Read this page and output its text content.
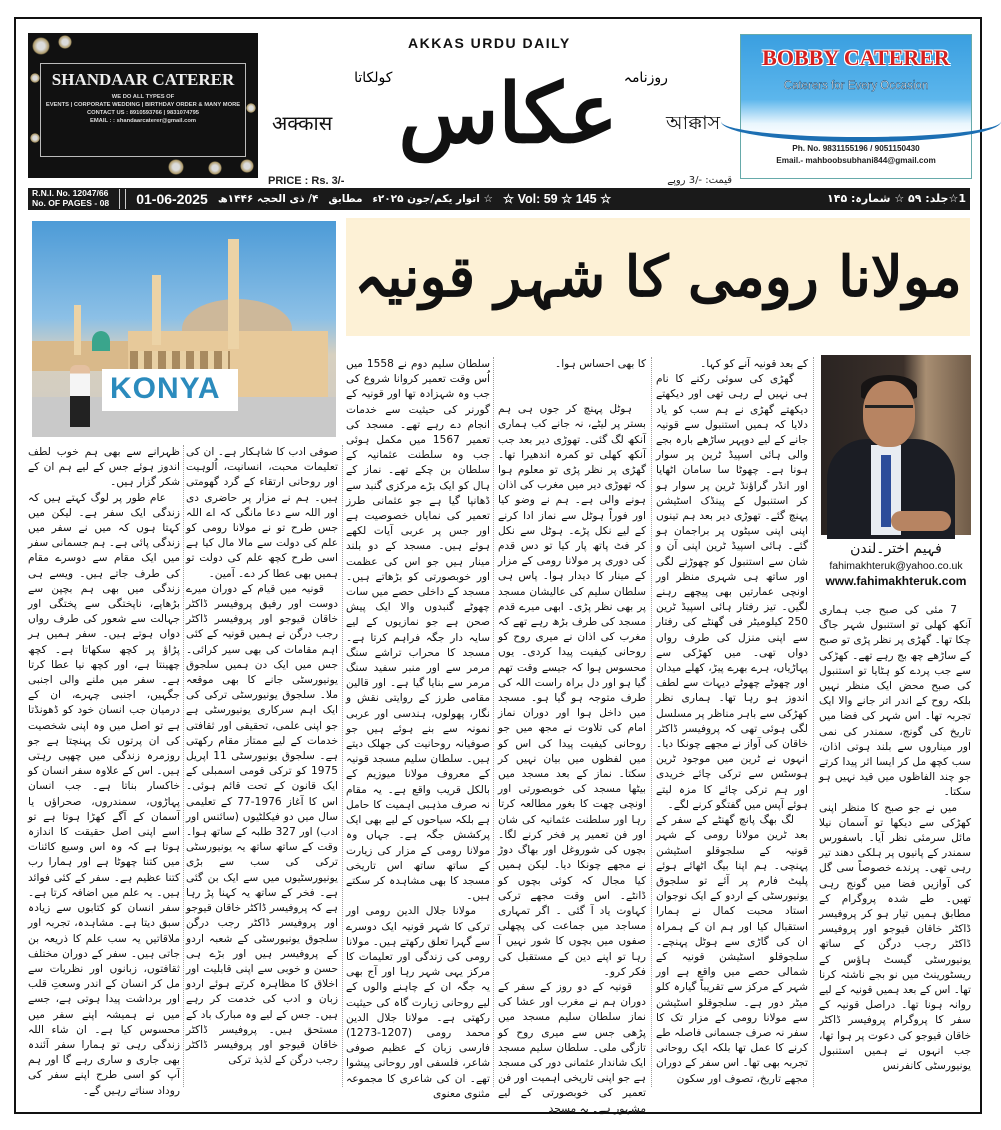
SHANDAAR CATERER
WE DO ALL TYPES OF
EVENTS | CORPORATE WEDDING | BIRTHDAY ORDER & MANY MORE
CONTACT US : 8910593766 | 9831074795
EMAIL : : shandaarcaterer@gmail.com
AKKAS URDU DAILY
अक्कास
روزنامہ
عکاس
کولکاتا
আক্কাস
PRICE : Rs. 3/-	قیمت: -/3 روپے
BOBBY CATERER
Caterers for Every Occasion
Ph. No. 9831155196 / 9051150430
Email.- mahboobsubhani844@gmail.com
R.N.I. No. 12047/66
No. OF PAGES - 08 01-06-2025 ۴/ ذی الحجہ ۱۴۴۶ھ مطابق ☆ اتوار یکم/جون ۲۰۲۵ء ☆ Vol: 59 ☆ 145 ☆	1☆جلد: ۵۹ ☆ شمارہ: ۱۴۵
مولانا رومی کا شہر قونیہ
KONYA
فہیم اختر۔لندن
fahimakhteruk@yahoo.co.uk
www.fahimakhteruk.com

7 مئی کی صبح جب ہماری آنکھ کھلی تو استنبول شہر جاگ چکا تھا۔ گھڑی پر نظر پڑی تو صبح کے ساڑھے چھ بج رہے تھے۔ کھڑکی سے جب پردے کو ہٹایا تو استنبول کی صبح محض ایک منظر نہیں بلکہ روح کے اندر اتر جانے والا ایک تجربہ تھا۔ اس شہر کی فضا میں تاریخ کی گونج، سمندر کی نمی اور میناروں سے بلند ہوتی اذان، سب کچھ مل کر ایسا اثر پیدا کرتے جو چند الفاظوں میں قید نہیں ہو سکتا۔

میں نے جو صبح کا منظر اپنی کھڑکی سے دیکھا تو آسمان نیلا مائل سرمئی نظر آیا۔ باسفورس سمندر کے پانیوں پر ہلکی دھند تیر رہی تھی۔ پرندے خصوصاً سی گل کی آوازیں فضا میں گونج رہی تھیں۔ طے شدہ پروگرام کے مطابق ہمیں تیار ہو کر پروفیسر ڈاکٹر خاقان قیوجو اور پروفیسر ڈاکٹر رجب درگن کے ساتھ یونیورسٹی گیسٹ ہاؤس کے ریسٹورینٹ میں نو بجے ناشتہ کرنا تھا۔ اس کے بعد ہمیں قونیہ کے لیے روانہ ہونا تھا۔ دراصل قونیہ کے سفر کا پروگرام پروفیسر ڈاکٹر خاقان قیوجو کی دعوت پر ہوا تھا، جب انہوں نے ہمیں استنبول یونیورسٹی کانفرنس

کے بعد قونیہ آنے کو کہا۔

گھڑی کی سوئی رکنے کا نام ہی نہیں لے رہی تھی اور دیکھتے دیکھتے گھڑی نے ہم سب کو یاد دلایا کہ ہمیں استنبول سے قونیہ جانے کے لیے دوپہر ساڑھے بارہ بجے والی ہائی اسپیڈ ٹرین پر سوار ہونا ہے۔ چھوٹا سا سامان اٹھایا اور انڈر گراؤنڈ ٹرین پر سوار ہو کر استنبول کے پینڈک اسٹیشن پہنچ گئے۔ تھوڑی دیر بعد ہم تینوں اپنی اپنی سیٹوں پر براجمان ہو گئے۔ ہائی اسپیڈ ٹرین اپنی آن و شان سے استنبول کو چھوڑنے لگی اور ساتھ ہی شہری منظر اور اونچی عمارتیں بھی پیچھے رہنے لگیں۔ تیز رفتار ہائی اسپیڈ ٹرین 250 کیلومیٹر فی گھنٹے کی رفتار سے اپنی منزل کی طرف رواں دواں تھی۔ میں کھڑکی سے پہاڑیاں، ہرے بھرے پیڑ، کھلے میدان اور چھوٹے چھوٹے دیہات سے لطف اندوز ہو رہا تھا۔ ہماری نظر کھڑکی سے باہر مناظر پر مسلسل لگی ہوئی تھی کہ پروفیسر ڈاکٹر خاقان کی آواز نے مجھے چونکا دیا۔ انہوں نے ٹرین میں موجود ٹرین ہوسٹس سے ترکی چائے خریدی اور ہم ترکی چائے کا مزہ لیتے ہوئے آپس میں گفتگو کرنے لگے۔

لگ بھگ پانچ گھنٹے کے سفر کے بعد ٹرین مولانا رومی کے شہر قونیہ کے سلجوقلو اسٹیشن پہنچی۔ ہم اپنا بیگ اٹھائے ہوئے پلیٹ فارم پر آئے تو سلجوق یونیورسٹی کے اردو کے ایک نوجوان استاد محبت کمال نے ہمارا استقبال کیا اور ہم ان کے ہمراہ ان کی گاڑی سے ہوٹل پہنچے۔ سلجوقلو اسٹیشن قونیہ کے شمالی حصے میں واقع ہے اور شہر کے مرکز سے تقریباً گیارہ کلو میٹر دور ہے۔ سلجوقلو اسٹیشن سے مولانا رومی کے مزار تک کا سفر نہ صرف جسمانی فاصلہ طے کرنے کا عمل تھا بلکہ ایک روحانی تجربہ بھی تھا۔ اس سفر کے دوران مجھے تاریخ، تصوف اور سکون

کا بھی احساس ہوا۔

ہوٹل پہنچ کر جوں ہی ہم بستر پر لیٹے، نہ جانے کب ہماری آنکھ لگ گئی۔ تھوڑی دیر بعد جب آنکھ کھلی تو کمرہ اندھیرا تھا۔ گھڑی پر نظر پڑی تو معلوم ہوا کہ تھوڑی دیر میں مغرب کی اذان ہونے والی ہے۔ ہم نے وضو کیا اور فوراً ہوٹل سے نماز ادا کرنے کے لیے نکل پڑے۔ ہوٹل سے نکل کر فٹ پاتھ پار کیا تو دس قدم کی دوری پر مولانا رومی کے مزار کے مینار کا دیدار ہوا۔ پاس ہی سلطان سلیم کی عالیشان مسجد پر بھی نظر پڑی۔ ابھی میرے قدم مسجد کی طرف بڑھ رہے تھے کہ مغرب کی اذان نے میری روح کو روحانی کیفیت پیدا کردی۔ یوں محسوس ہوا کہ جیسے وقت تھم گیا ہو اور دل براہ راست اللہ کی طرف متوجہ ہو گیا ہو۔ مسجد میں داخل ہوا اور دوران نماز امام کی تلاوت نے مجھ میں جو روحانی کیفیت پیدا کی اس کو میں لفظوں میں بیان نہیں کر سکتا۔ نماز کے بعد مسجد میں بیٹھا مسجد کی خوبصورتی اور اونچی چھت کا بغور مطالعہ کرتا رہا اور سلطنت عثمانیہ کی شان اور فن تعمیر پر فخر کرنے لگا۔ بچوں کی شوروغل اور بھاگ دوڑ نے مجھے چونکا دیا۔ لیکن ہمیں کیا مجال کہ کوئی بچوں کو ڈانٹے۔ اس وقت مجھے ترکی کہاوت یاد آ گئی ۔ اگر تمہاری مساجد میں جماعت کی پچھلی صفوں میں بچوں کا شور نہیں آ رہا تو اپنے دین کے مستقبل کی فکر کرو۔

قونیہ کے دو روز کے سفر کے دوران ہم نے مغرب اور عشا کی نماز سلطان سلیم مسجد میں پڑھی جس سے میری روح کو تازگی ملی۔ سلطان سلیم مسجد ایک شاندار عثمانی دور کی مسجد ہے جو اپنی تاریخی اہمیت اور فن تعمیر کی خوبصورتی کے لیے مشہور ہے۔ یہ مسجد

سلطان سلیم دوم نے 1558 میں اُس وقت تعمیر کروانا شروع کی جب وہ شہزادہ تھا اور قونیہ کے گورنر کی حیثیت سے خدمات انجام دے رہے تھے۔ مسجد کی تعمیر 1567 میں مکمل ہوئی جب وہ سلطنت عثمانیہ کے سلطان بن چکے تھے۔ نماز کے ہال کو ایک بڑے مرکزی گنبد سے ڈھانپا گیا ہے جو عثمانی طرز تعمیر کی نمایاں خصوصیت ہے اور جس پر عربی آیات لکھے ہوئے ہیں۔ مسجد کے دو بلند مینار ہیں جو اس کی عظمت اور خوبصورتی کو بڑھاتے ہیں۔ مسجد کے داخلی حصے میں سات چھوٹے گنبدوں والا ایک پیش صحن ہے جو نمازیوں کے لیے سایہ دار جگہ فراہم کرتا ہے۔ مسجد کا محراب تراشے سنگ مرمر سے اور منبر سفید سنگ مرمر سے بنایا گیا ہے۔ اور قالین مقامی طرز کے روایتی نقش و نگار، پھولوں، ہندسی اور عربی نمونہ سے بنے ہوئے ہیں جو صوفیانہ روحانیت کی جھلک دیتے ہیں۔ سلطان سلیم مسجد قونیہ کے معروف مولانا میوزیم کے بالکل قریب واقع ہے۔ یہ مقام نہ صرف مذہبی اہمیت کا حامل ہے بلکہ سیاحوں کے لیے بھی ایک پرکشش جگہ ہے۔ جہاں وہ مولانا رومی کے مزار کی زیارت کے ساتھ ساتھ اس تاریخی مسجد کا بھی مشاہدہ کر سکتے ہیں۔

مولانا جلال الدین رومی اور ترکی کا شہر قونیہ ایک دوسرے سے گہرا تعلق رکھتے ہیں۔ مولانا رومی کی زندگی اور تعلیمات کا مرکز یہی شہر رہا اور آج بھی یہ جگہ ان کے چاہنے والوں کے لیے روحانی زیارت گاہ کی حیثیت رکھتی ہے۔ مولانا جلال الدین محمد رومی (1207-1273) فارسی زبان کے عظیم صوفی شاعر، فلسفی اور روحانی پیشوا تھے۔ ان کی شاعری کا مجموعہ مثنوی معنوی

صوفی ادب کا شاہکار ہے۔ ان کی تعلیمات محبت، انسانیت، اُلوہیت اور روحانی ارتقاء کے گرد گھومتی ہیں۔ ہم نے مزار پر حاضری دی اور اللہ سے دعا مانگی کہ اے اللہ جس طرح تو نے مولانا رومی کو علم کی دولت سے مالا مال کیا ہے اسی طرح کچھ علم کی دولت تو ہمیں بھی عطا کر دے۔ آمین۔

قونیہ میں قیام کے دوران میرے دوست اور رفیق پروفیسر ڈاکٹر خاقان قیوجو اور پروفیسر ڈاکٹر رجب درگن نے ہمیں قونیہ کے کئی اہم مقامات کی بھی سیر کرائی۔ جس میں ایک دن ہمیں سلجوق یونیورسٹی جانے کا بھی موقعہ ملا۔ سلجوق یونیورسٹی ترکی کی ایک اہم سرکاری یونیورسٹی ہے جو اپنی علمی، تحقیقی اور ثقافتی خدمات کے لیے ممتاز مقام رکھتی ہے۔ سلجوق یونیورسٹی 11 اپریل 1975 کو ترکی قومی اسمبلی کے ایک قانون کے تحت قائم ہوئی۔ اس کا آغاز 1976-77 کے تعلیمی سال میں دو فیکلٹیوں (سائنس اور ادب) اور 327 طلبہ کے ساتھ ہوا۔ وقت کے ساتھ ساتھ یہ یونیورسٹی ترکی کی سب سے بڑی یونیورسٹیوں میں سے ایک بن گئی ہے۔ فخر کے ساتھ یہ کہنا پڑ رہا ہے کہ پروفیسر ڈاکٹر خاقان قیوجو اور پروفیسر ڈاکٹر رجب درگن سلجوق یونیورسٹی کے شعبہ اردو کے پروفیسر ہیں اور بڑے ہی حسن و خوبی سے اپنی قابلیت اور اخلاق کا مظاہرہ کرتے ہوئے اردو زبان و ادب کی خدمت کر رہے ہیں۔ جس کے لیے وہ مبارک باد کے مستحق ہیں۔ پروفیسر ڈاکٹر خاقان قیوجو اور پروفیسر ڈاکٹر رجب درگن کے لذیذ ترکی

ظہرانے سے بھی ہم خوب لطف اندوز ہوئے جس کے لیے ہم ان کے شکر گزار ہیں۔

عام طور پر لوگ کہتے ہیں کہ زندگی ایک سفر ہے۔ لیکن میں کہتا ہوں کہ میں نے سفر میں زندگی پائی ہے۔ ہم جسمانی سفر میں ایک مقام سے دوسرے مقام کی طرف جاتے ہیں۔ ویسے ہی زندگی میں بھی ہم بچپن سے بڑھاپے، ناپختگی سے پختگی اور جہالت سے شعور کی طرف رواں دواں ہوتے ہیں۔ سفر ہمیں ہر پڑاؤ پر کچھ سکھاتا ہے۔ کچھ چھینتا ہے، اور کچھ نیا عطا کرتا ہے۔ سفر میں ملنے والی اجنبی جگہیں، اجنبی چہرے، ان کے درمیان جب انسان خود کو ڈھونڈتا ہے تو اصل میں وہ اپنی شخصیت کی ان پرتوں تک پہنچتا ہے جو روزمرہ زندگی میں چھپی رہتی ہیں۔ اس کے علاوہ سفر انسان کو خاکسار بناتا ہے۔ جب انسان پہاڑوں، سمندروں، صحراؤں یا آسمان کے آگے کھڑا ہوتا ہے تو اسے اپنی اصل حقیقت کا اندازہ ہوتا ہے کہ وہ اس وسیع کائنات میں کتنا چھوٹا ہے اور ہمارا رب کتنا عظیم ہے۔ سفر کے کئی فوائد ہیں۔ یہ علم میں اضافہ کرتا ہے۔ سفر انسان کو کتابوں سے زیادہ سبق دیتا ہے۔ مشاہدہ، تجربہ اور ملاقاتیں یہ سب علم کا ذریعہ بن جاتی ہیں۔ سفر کے دوران مختلف ثقافتوں، زبانوں اور نظریات سے مل کر انسان کے اندر وسعتِ قلب اور برداشت پیدا ہوتی ہے، جسے میں نے ہمیشہ اپنے سفر میں محسوس کیا ہے۔ ان شاء اللہ زندگی رہی تو ہمارا سفر آئندہ بھی جاری و ساری رہے گا اور ہم آپ کو اسی طرح اپنے سفر کی روداد سناتے رہیں گے۔
